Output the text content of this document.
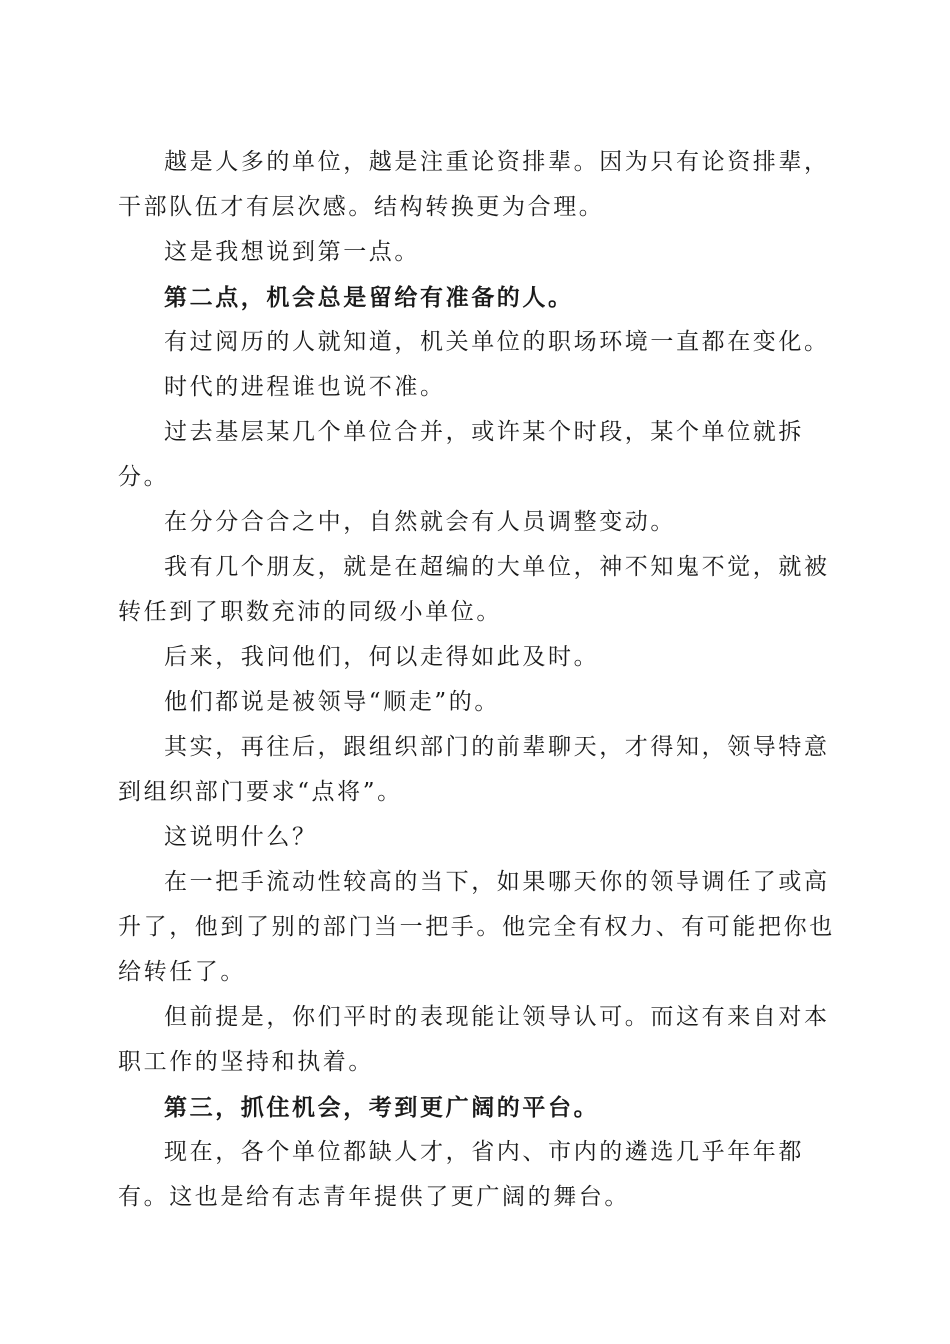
越是人多的单位，越是注重论资排辈。因为只有论资排辈，干部队伍才有层次感。结构转换更为合理。

这是我想说到第一点。

第二点，机会总是留给有准备的人。

有过阅历的人就知道，机关单位的职场环境一直都在变化。

时代的进程谁也说不准。

过去基层某几个单位合并，或许某个时段，某个单位就拆分。

在分分合合之中，自然就会有人员调整变动。

我有几个朋友，就是在超编的大单位，神不知鬼不觉，就被转任到了职数充沛的同级小单位。

后来，我问他们，何以走得如此及时。

他们都说是被领导“顺走”的。

其实，再往后，跟组织部门的前辈聊天，才得知，领导特意到组织部门要求“点将”。

这说明什么？

在一把手流动性较高的当下，如果哪天你的领导调任了或高升了，他到了别的部门当一把手。他完全有权力、有可能把你也给转任了。

但前提是，你们平时的表现能让领导认可。而这有来自对本职工作的坚持和执着。

第三，抓住机会，考到更广阔的平台。

现在，各个单位都缺人才，省内、市内的遴选几乎年年都有。这也是给有志青年提供了更广阔的舞台。
